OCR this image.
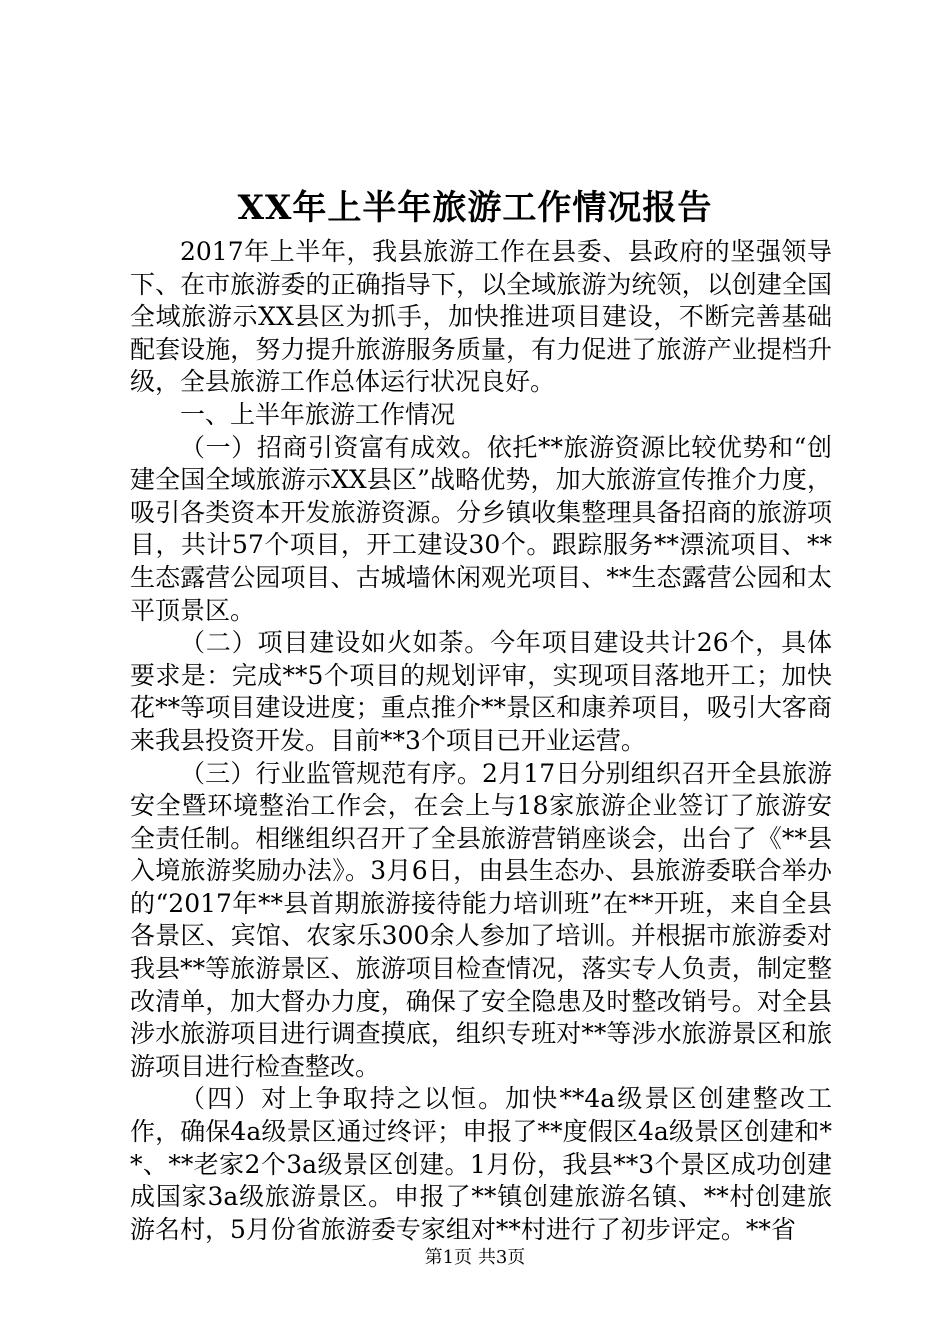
XX年上半年旅游工作情况报告

2017年上半年，我县旅游工作在县委、县政府的坚强领导下、在市旅游委的正确指导下，以全域旅游为统领，以创建全国全域旅游示XX县区为抓手，加快推进项目建设，不断完善基础配套设施，努力提升旅游服务质量，有力促进了旅游产业提档升级，全县旅游工作总体运行状况良好。

一、上半年旅游工作情况

（一）招商引资富有成效。依托**旅游资源比较优势和“创建全国全域旅游示XX县区”战略优势，加大旅游宣传推介力度，吸引各类资本开发旅游资源。分乡镇收集整理具备招商的旅游项目，共计57个项目，开工建设30个。跟踪服务**漂流项目、**生态露营公园项目、古城墙休闲观光项目、**生态露营公园和太平顶景区。

（二）项目建设如火如荼。今年项目建设共计26个，具体要求是：完成**5个项目的规划评审，实现项目落地开工；加快花**等项目建设进度；重点推介**景区和康养项目，吸引大客商来我县投资开发。目前**3个项目已开业运营。

（三）行业监管规范有序。2月17日分别组织召开全县旅游安全暨环境整治工作会，在会上与18家旅游企业签订了旅游安全责任制。相继组织召开了全县旅游营销座谈会，出台了《**县入境旅游奖励办法》。3月6日，由县生态办、县旅游委联合举办的“2017年**县首期旅游接待能力培训班”在**开班，来自全县各景区、宾馆、农家乐300余人参加了培训。并根据市旅游委对我县**等旅游景区、旅游项目检查情况，落实专人负责，制定整改清单，加大督办力度，确保了安全隐患及时整改销号。对全县涉水旅游项目进行调查摸底，组织专班对**等涉水旅游景区和旅游项目进行检查整改。

（四）对上争取持之以恒。加快**4a级景区创建整改工作，确保4a级景区通过终评；申报了**度假区4a级景区创建和**、**老家2个3a级景区创建。1月份，我县**3个景区成功创建成国家3a级旅游景区。申报了**镇创建旅游名镇、**村创建旅游名村，5月份省旅游委专家组对**村进行了初步评定。**省

第1页 共3页
